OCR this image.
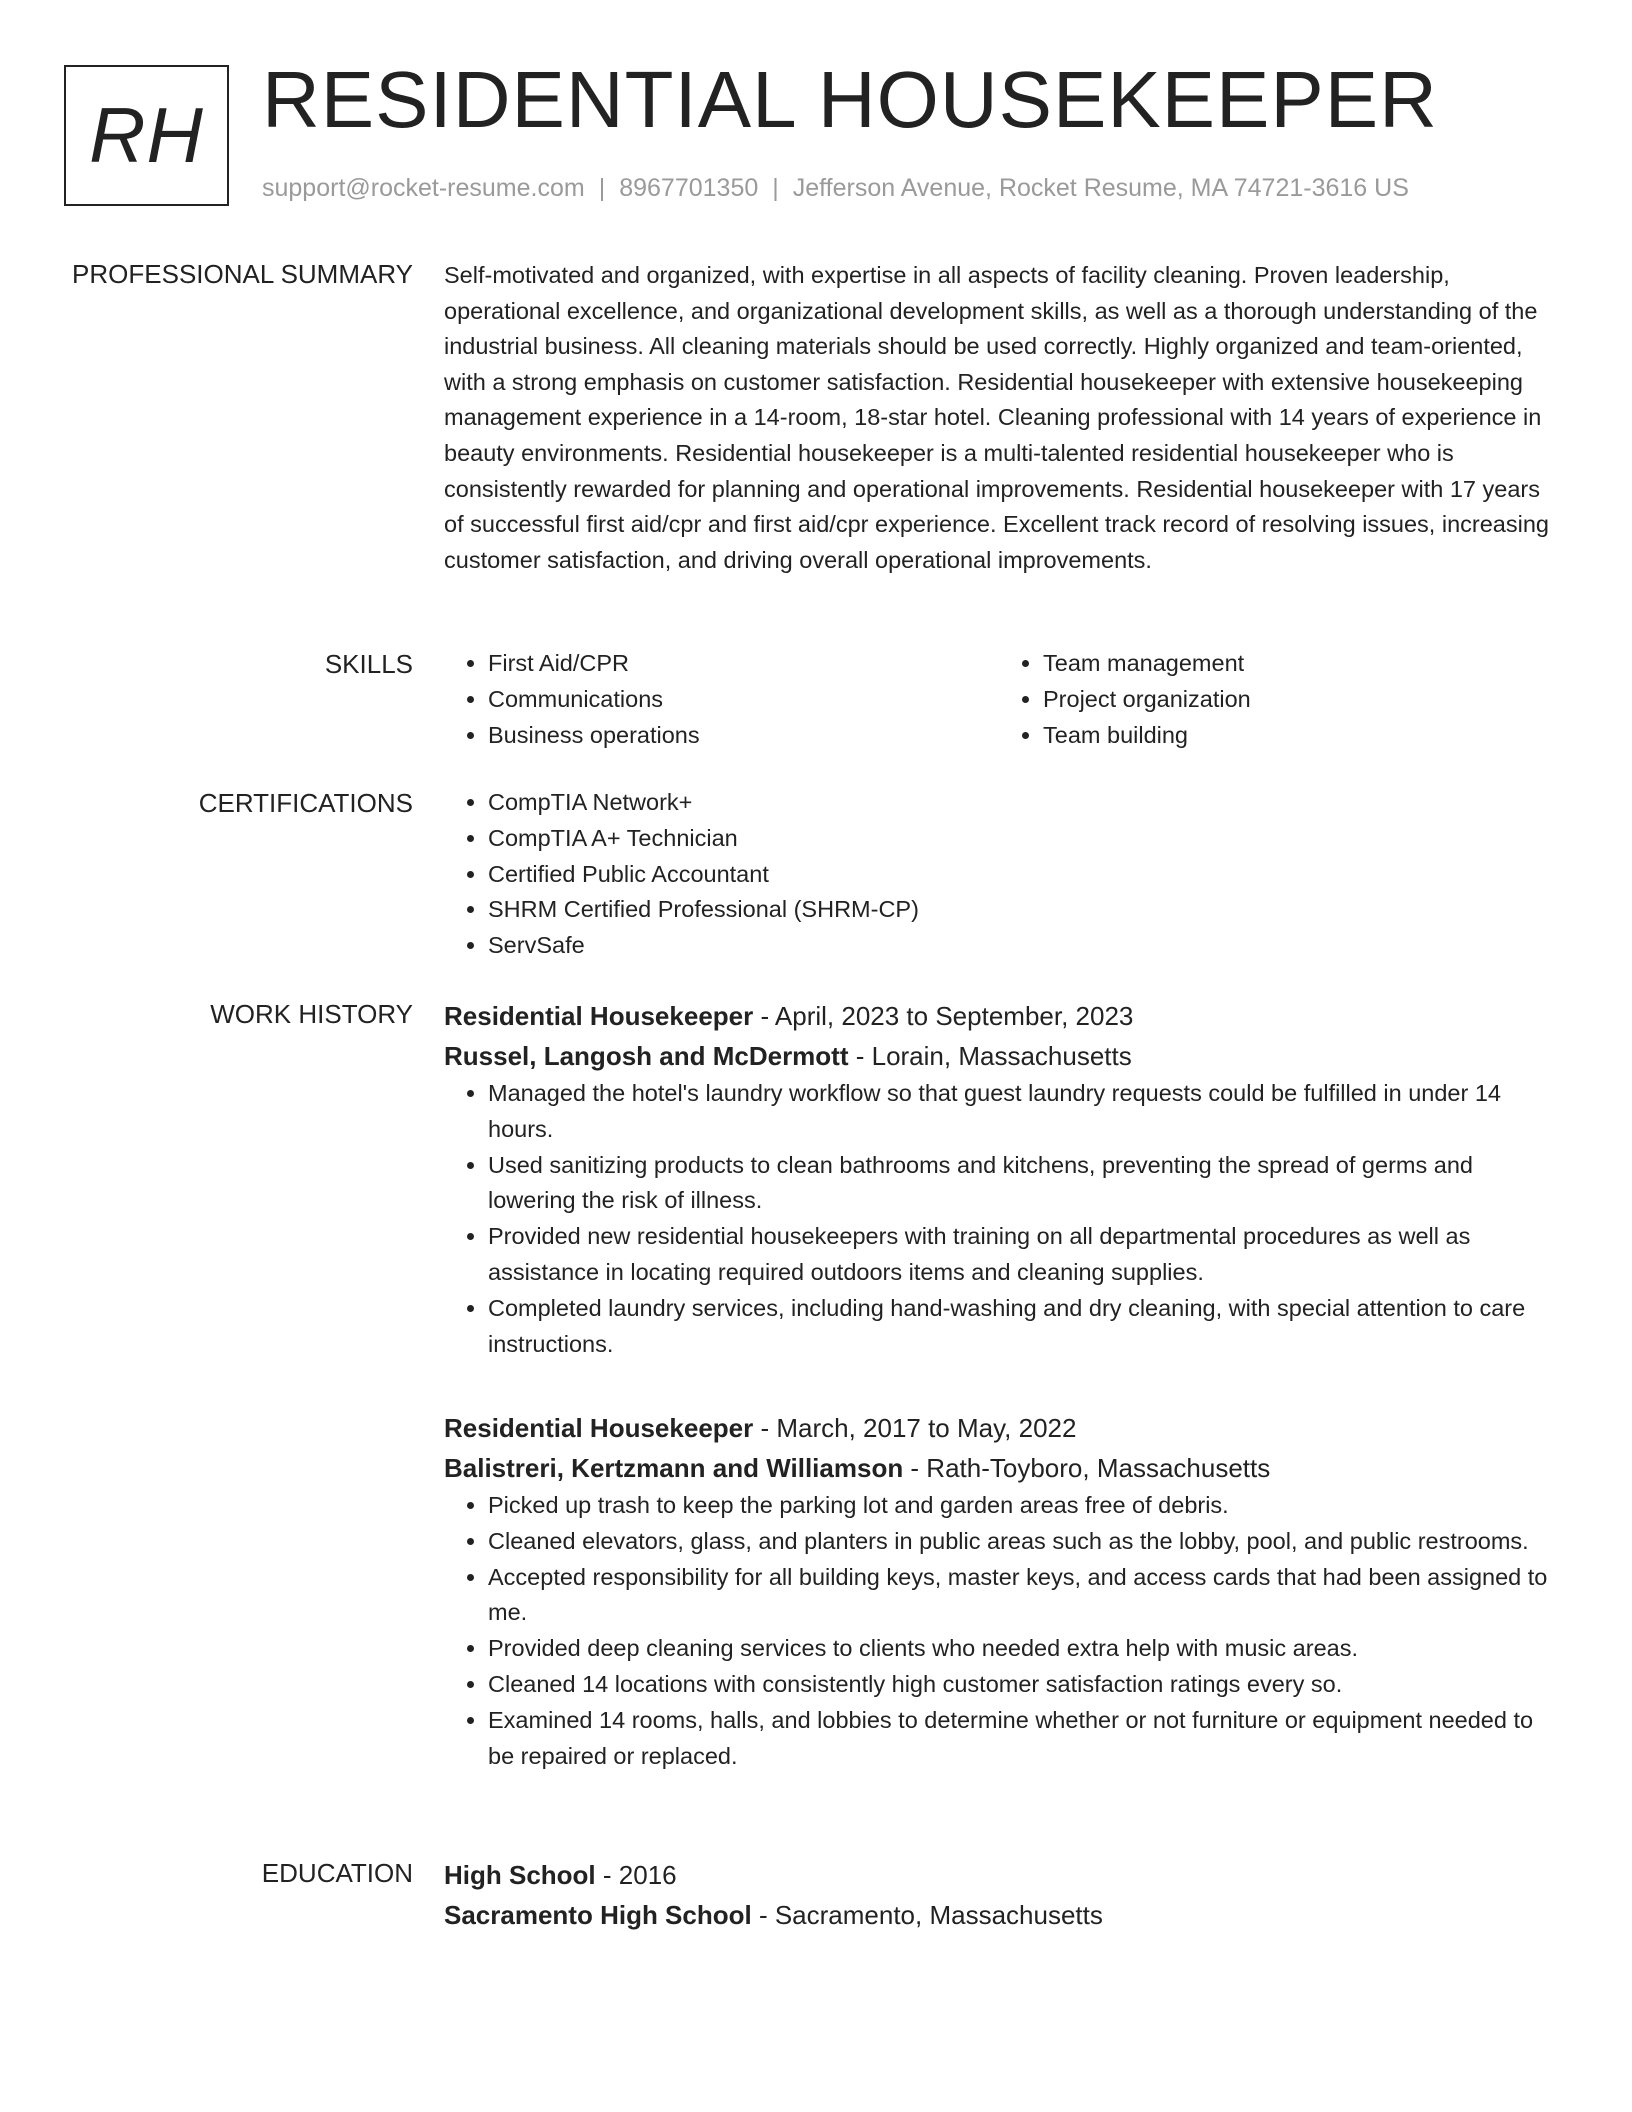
RH RESIDENTIAL HOUSEKEEPER
support@rocket-resume.com | 8967701350 | Jefferson Avenue, Rocket Resume, MA 74721-3616 US
PROFESSIONAL SUMMARY Self-motivated and organized, with expertise in all aspects of facility cleaning. Proven leadership, operational excellence, and organizational development skills, as well as a thorough understanding of the industrial business. All cleaning materials should be used correctly. Highly organized and team-oriented, with a strong emphasis on customer satisfaction. Residential housekeeper with extensive housekeeping management experience in a 14-room, 18-star hotel. Cleaning professional with 14 years of experience in beauty environments. Residential housekeeper is a multi-talented residential housekeeper who is consistently rewarded for planning and operational improvements. Residential housekeeper with 17 years of successful first aid/cpr and first aid/cpr experience. Excellent track record of resolving issues, increasing customer satisfaction, and driving overall operational improvements.

SKILLS	• First Aid/CPR
• Communications
• Business operations
• Team management
• Project organization
• Team building
CERTIFICATIONS	• CompTIA Network+
• CompTIA A+ Technician
• Certified Public Accountant
• SHRM Certified Professional (SHRM-CP)
• ServSafe
WORK HISTORY Residential Housekeeper - April, 2023 to September, 2023
Russel, Langosh and McDermott - Lorain, Massachusetts
• Managed the hotel's laundry workflow so that guest laundry requests could be fulfilled in under 14 hours.
• Used sanitizing products to clean bathrooms and kitchens, preventing the spread of germs and lowering the risk of illness.
• Provided new residential housekeepers with training on all departmental procedures as well as assistance in locating required outdoors items and cleaning supplies.
• Completed laundry services, including hand-washing and dry cleaning, with special attention to care instructions.
Residential Housekeeper - March, 2017 to May, 2022
Balistreri, Kertzmann and Williamson - Rath-Toyboro, Massachusetts
• Picked up trash to keep the parking lot and garden areas free of debris.
• Cleaned elevators, glass, and planters in public areas such as the lobby, pool, and public restrooms.
• Accepted responsibility for all building keys, master keys, and access cards that had been assigned to me.
• Provided deep cleaning services to clients who needed extra help with music areas.
• Cleaned 14 locations with consistently high customer satisfaction ratings every so.
• Examined 14 rooms, halls, and lobbies to determine whether or not furniture or equipment needed to be repaired or replaced.
EDUCATION High School - 2016
Sacramento High School - Sacramento, Massachusetts
